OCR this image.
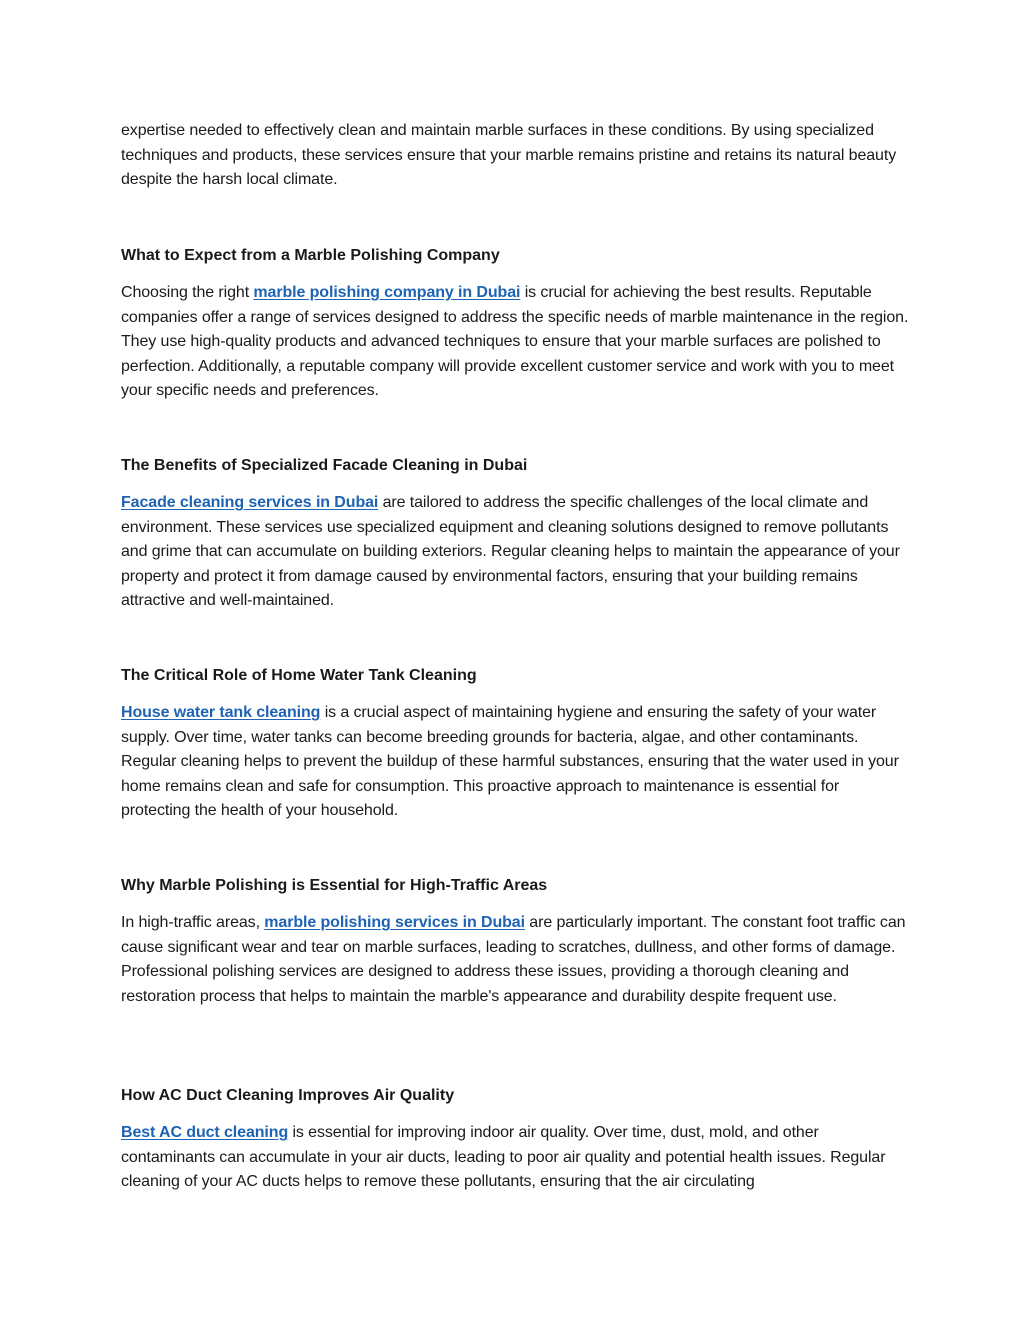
expertise needed to effectively clean and maintain marble surfaces in these conditions. By using specialized techniques and products, these services ensure that your marble remains pristine and retains its natural beauty despite the harsh local climate.

What to Expect from a Marble Polishing Company

Choosing the right marble polishing company in Dubai is crucial for achieving the best results. Reputable companies offer a range of services designed to address the specific needs of marble maintenance in the region. They use high-quality products and advanced techniques to ensure that your marble surfaces are polished to perfection. Additionally, a reputable company will provide excellent customer service and work with you to meet your specific needs and preferences.

The Benefits of Specialized Facade Cleaning in Dubai

Facade cleaning services in Dubai are tailored to address the specific challenges of the local climate and environment. These services use specialized equipment and cleaning solutions designed to remove pollutants and grime that can accumulate on building exteriors. Regular cleaning helps to maintain the appearance of your property and protect it from damage caused by environmental factors, ensuring that your building remains attractive and well-maintained.

The Critical Role of Home Water Tank Cleaning

House water tank cleaning is a crucial aspect of maintaining hygiene and ensuring the safety of your water supply. Over time, water tanks can become breeding grounds for bacteria, algae, and other contaminants. Regular cleaning helps to prevent the buildup of these harmful substances, ensuring that the water used in your home remains clean and safe for consumption. This proactive approach to maintenance is essential for protecting the health of your household.

Why Marble Polishing is Essential for High-Traffic Areas

In high-traffic areas, marble polishing services in Dubai are particularly important. The constant foot traffic can cause significant wear and tear on marble surfaces, leading to scratches, dullness, and other forms of damage. Professional polishing services are designed to address these issues, providing a thorough cleaning and restoration process that helps to maintain the marble's appearance and durability despite frequent use.

How AC Duct Cleaning Improves Air Quality

Best AC duct cleaning is essential for improving indoor air quality. Over time, dust, mold, and other contaminants can accumulate in your air ducts, leading to poor air quality and potential health issues. Regular cleaning of your AC ducts helps to remove these pollutants, ensuring that the air circulating
